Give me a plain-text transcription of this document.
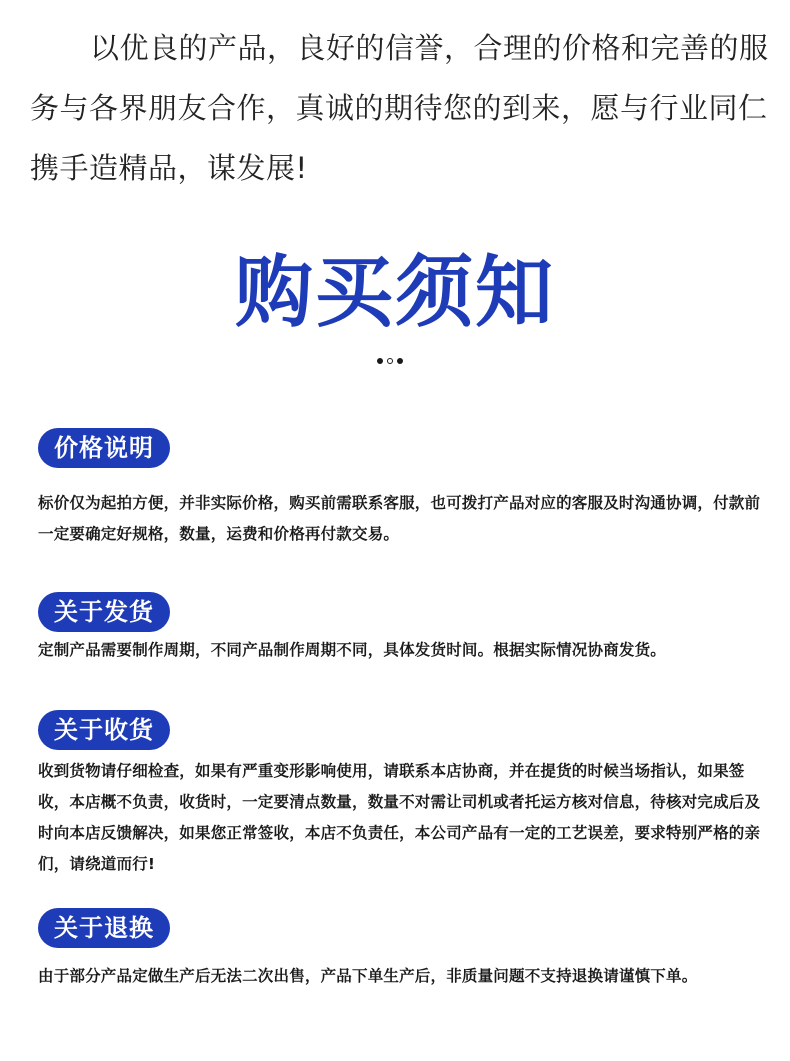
以优良的产品，良好的信誉，合理的价格和完善的服务与各界朋友合作，真诚的期待您的到来，愿与行业同仁携手造精品，谋发展!

购买须知
价格说明

标价仅为起拍方便，并非实际价格，购买前需联系客服，也可拨打产品对应的客服及时沟通协调，付款前一定要确定好规格，数量，运费和价格再付款交易。

关于发货

定制产品需要制作周期，不同产品制作周期不同，具体发货时间。根据实际情况协商发货。

关于收货

收到货物请仔细检查，如果有严重变形影响使用，请联系本店协商，并在提货的时候当场指认，如果签收，本店概不负责，收货时，一定要清点数量，数量不对需让司机或者托运方核对信息，待核对完成后及时向本店反馈解决，如果您正常签收，本店不负责任，本公司产品有一定的工艺误差，要求特别严格的亲们，请绕道而行!

关于退换

由于部分产品定做生产后无法二次出售，产品下单生产后，非质量问题不支持退换请谨慎下单。
